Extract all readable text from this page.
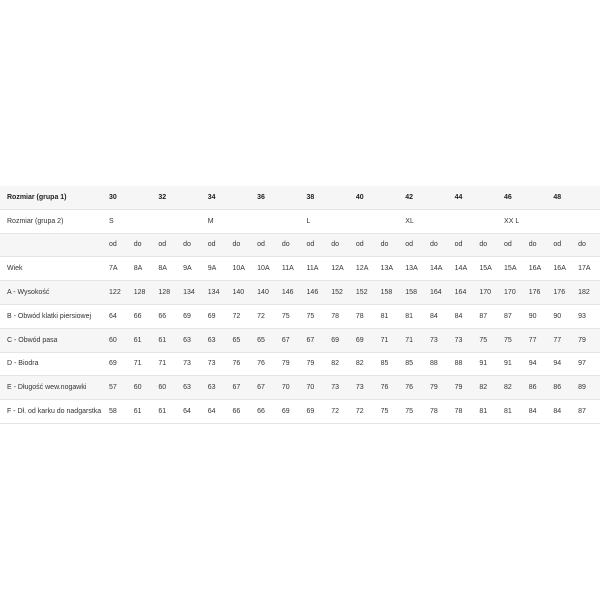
Rozmiar (grupa 1)	30		32		34		36		38		40		42		44		46		48	
Rozmiar (grupa 2)	S				M				L				XL				XX L			
	od	do	od	do	od	do	od	do	od	do	od	do	od	do	od	do	od	do	od	do
Wiek	7A	8A	8A	9A	9A	10A	10A	11A	11A	12A	12A	13A	13A	14A	14A	15A	15A	16A	16A	17A
A - Wysokość	122	128	128	134	134	140	140	146	146	152	152	158	158	164	164	170	170	176	176	182
B - Obwód klatki piersiowej	64	66	66	69	69	72	72	75	75	78	78	81	81	84	84	87	87	90	90	93
C - Obwód pasa	60	61	61	63	63	65	65	67	67	69	69	71	71	73	73	75	75	77	77	79
D - Biodra	69	71	71	73	73	76	76	79	79	82	82	85	85	88	88	91	91	94	94	97
E - Długość wew.nogawki	57	60	60	63	63	67	67	70	70	73	73	76	76	79	79	82	82	86	86	89
F - Dł. od karku do nadgarstka	58	61	61	64	64	66	66	69	69	72	72	75	75	78	78	81	81	84	84	87
